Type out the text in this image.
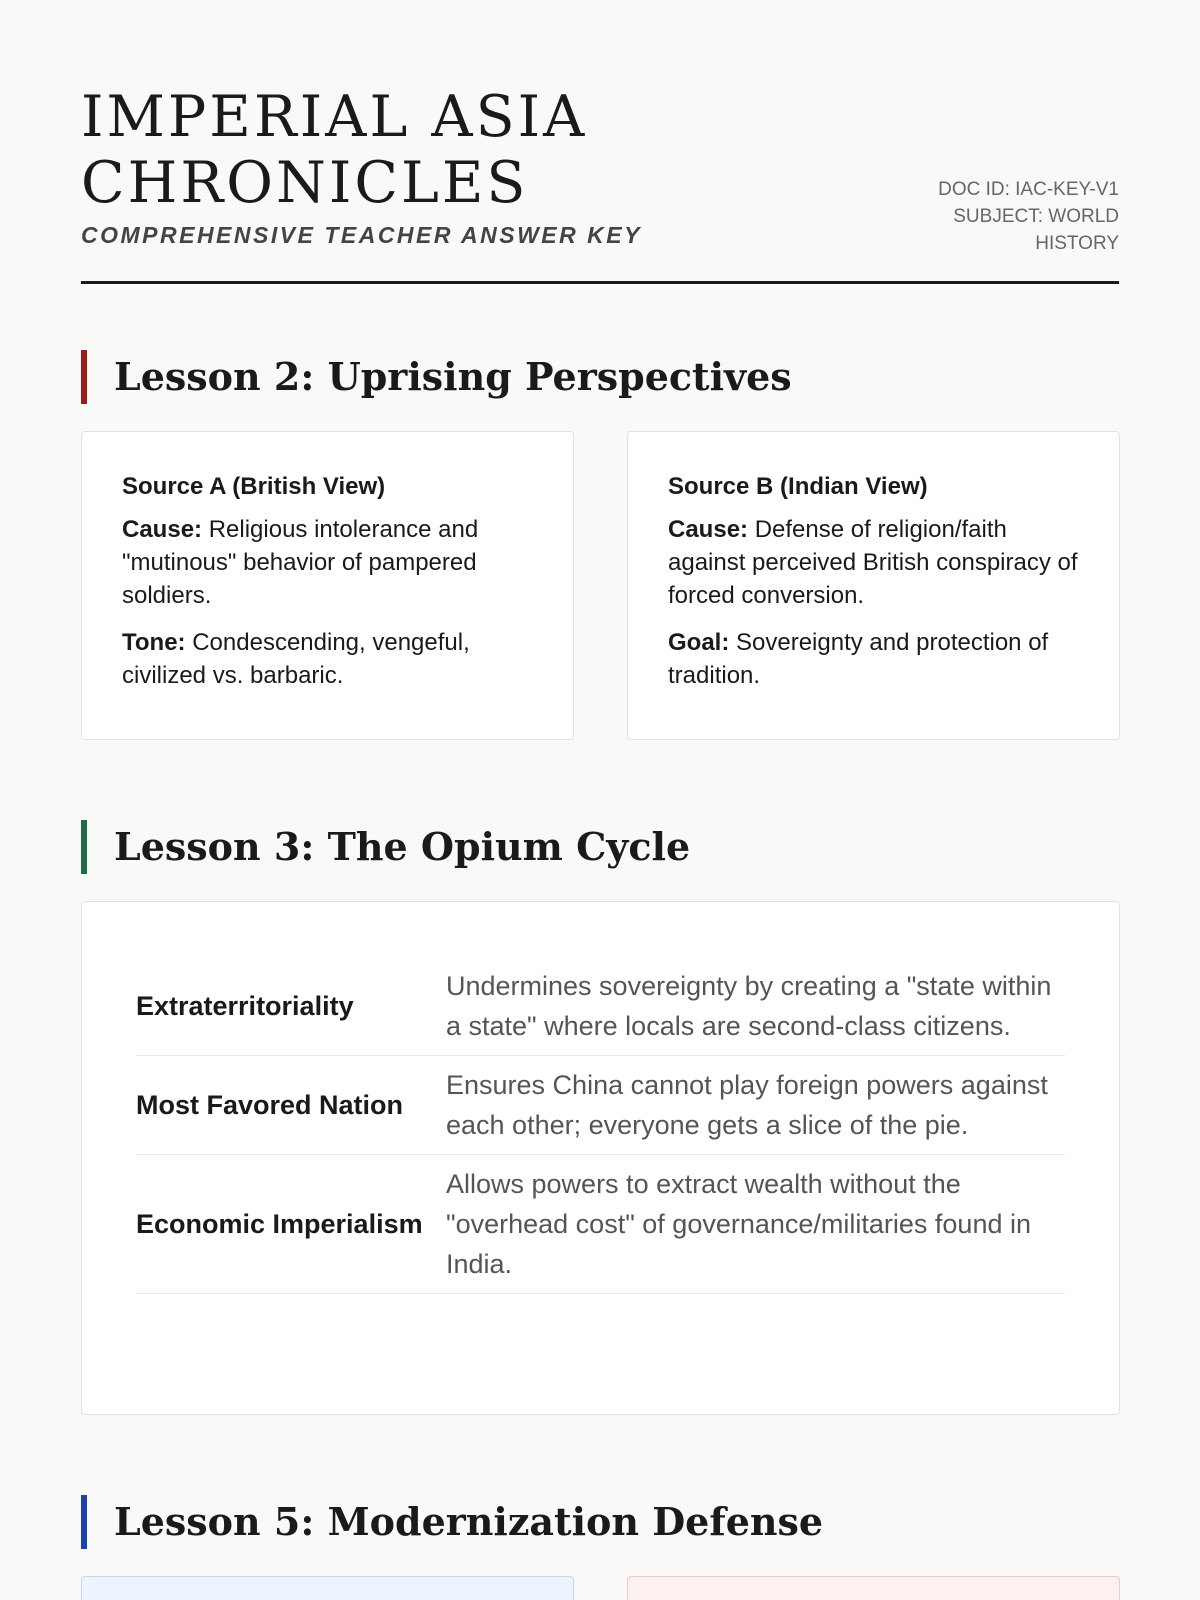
IMPERIAL ASIA CHRONICLES
COMPREHENSIVE TEACHER ANSWER KEY
DOC ID: IAC-KEY-V1
SUBJECT: WORLD HISTORY
Lesson 2: Uprising Perspectives
Source A (British View)

Cause: Religious intolerance and "mutinous" behavior of pampered soldiers.

Tone: Condescending, vengeful, civilized vs. barbaric.

Source B (Indian View)

Cause: Defense of religion/faith against perceived British conspiracy of forced conversion.

Goal: Sovereignty and protection of tradition.

Lesson 3: The Opium Cycle
Extraterritoriality	Undermines sovereignty by creating a "state within a state" where locals are second-class citizens.
Most Favored Nation	Ensures China cannot play foreign powers against each other; everyone gets a slice of the pie.
Economic Imperialism	Allows powers to extract wealth without the "overhead cost" of governance/militaries found in India.
Lesson 5: Modernization Defense
